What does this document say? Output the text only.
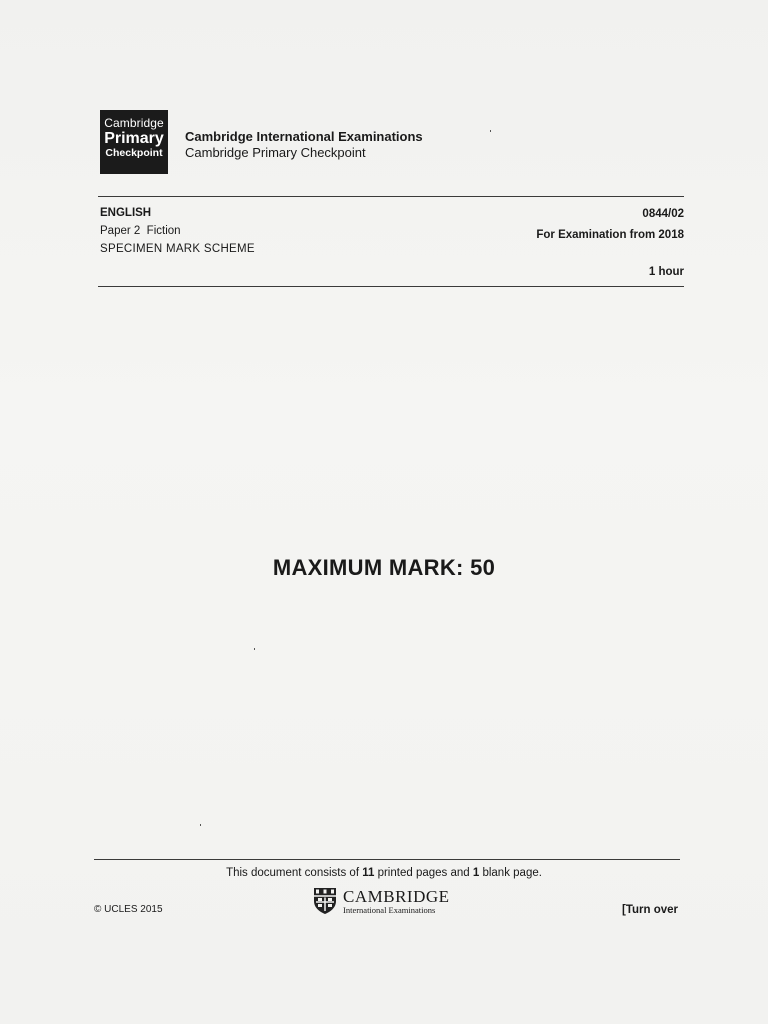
Cambridge
Primary
Checkpoint
Cambridge International Examinations
Cambridge Primary Checkpoint
ENGLISH
Paper 2  Fiction
SPECIMEN MARK SCHEME
0844/02
For Examination from 2018
1 hour
MAXIMUM MARK: 50
This document consists of 11 printed pages and 1 blank page.
© UCLES 2015
CAMBRIDGE
International Examinations	[Turn over
